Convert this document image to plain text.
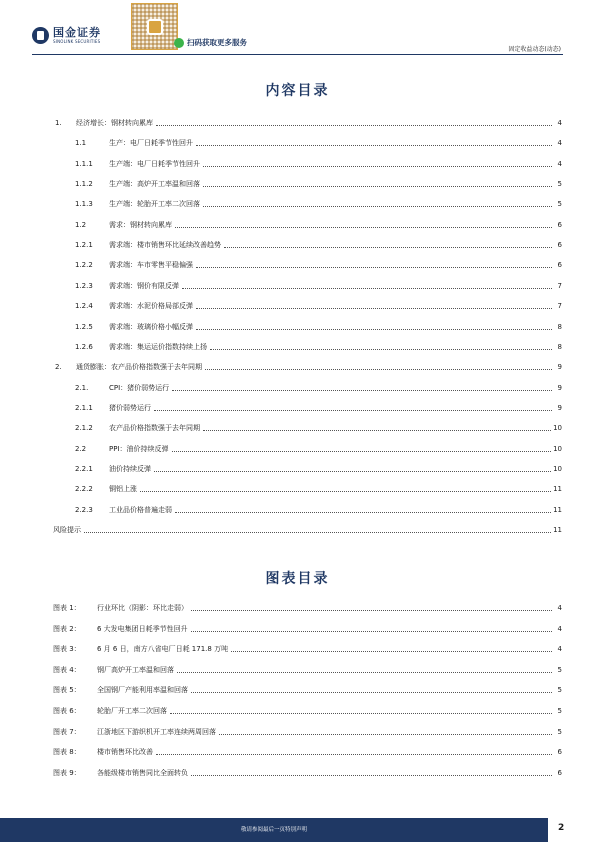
国金证券
SINOLINK SECURITIES	扫码获取更多服务
固定收益动态(动态)
内容目录
1.	经济增长：钢材转向累库	4
1.1	生产：电厂日耗季节性回升	4
1.1.1	生产端：电厂日耗季节性回升	4
1.1.2	生产端：高炉开工率温和回落	5
1.1.3	生产端：轮胎开工率二次回落	5
1.2	需求：钢材转向累库	6
1.2.1	需求端：楼市销售环比延续改善趋势	6
1.2.2	需求端：车市零售平稳偏强	6
1.2.3	需求端：钢价有限反弹	7
1.2.4	需求端：水泥价格局部反弹	7
1.2.5	需求端：玻璃价格小幅反弹	8
1.2.6	需求端：集运运价指数持续上扬	8
2.	通货膨胀：农产品价格指数强于去年同期	9
2.1.	CPI：猪价弱势运行	9
2.1.1	猪价弱势运行	9
2.1.2	农产品价格指数强于去年同期	10
2.2	PPI：油价持续反弹	10
2.2.1	油价持续反弹	10
2.2.2	铜铝上涨	11
2.2.3	工业品价格普遍走弱	11
风险提示	11
图表目录
图表 1：	行业环比（阴影：环比走弱）	4
图表 2：	6 大发电集团日耗季节性回升	4
图表 3：	6 月 6 日，南方八省电厂日耗 171.8 万吨	4
图表 4：	钢厂高炉开工率温和回落	5
图表 5：	全国钢厂产能利用率温和回落	5
图表 6：	轮胎厂开工率二次回落	5
图表 7：	江浙地区下游织机开工率连续两周回落	5
图表 8：	楼市销售环比改善	6
图表 9：	各能级楼市销售同比全面转负	6
敬请参阅最后一页特别声明	2
